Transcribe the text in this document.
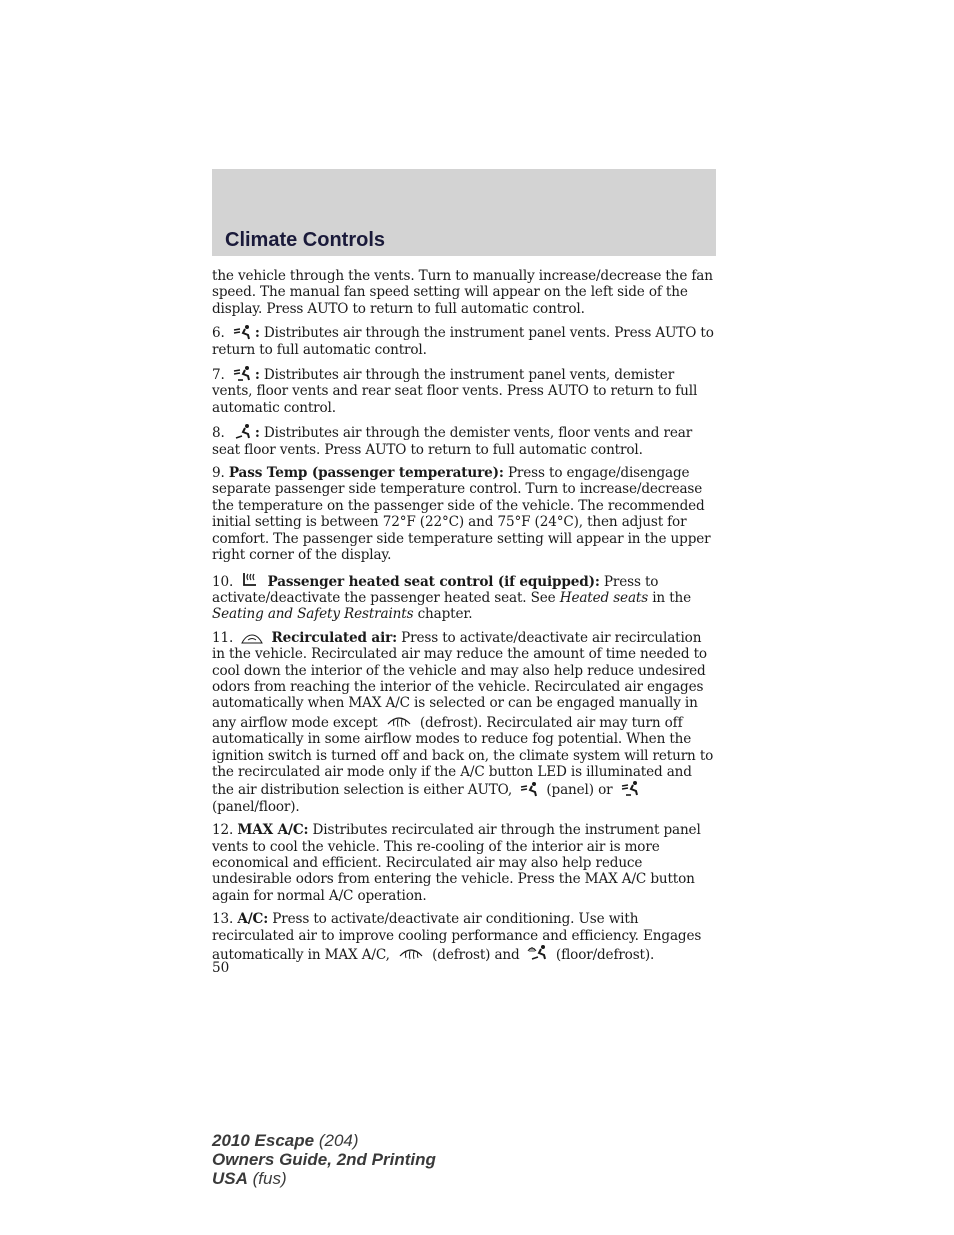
Climate Controls

the vehicle through the vents. Turn to manually increase/decrease the fan speed. The manual fan speed setting will appear on the left side of the display. Press AUTO to return to full automatic control.

6. : Distributes air through the instrument panel vents. Press AUTO to return to full automatic control.

7. : Distributes air through the instrument panel vents, demister vents, floor vents and rear seat floor vents. Press AUTO to return to full automatic control.

8. : Distributes air through the demister vents, floor vents and rear seat floor vents. Press AUTO to return to full automatic control.

9. Pass Temp (passenger temperature): Press to engage/disengage separate passenger side temperature control. Turn to increase/decrease the temperature on the passenger side of the vehicle. The recommended initial setting is between 72°F (22°C) and 75°F (24°C), then adjust for comfort. The passenger side temperature setting will appear in the upper right corner of the display.

10.	Passenger heated seat control (if equipped): Press to activate/deactivate the passenger heated seat. See Heated seats in the Seating and Safety Restraints chapter.

11.	Recirculated air: Press to activate/deactivate air recirculation in the vehicle. Recirculated air may reduce the amount of time needed to cool down the interior of the vehicle and may also help reduce undesired odors from reaching the interior of the vehicle. Recirculated air engages automatically when MAX A/C is selected or can be engaged manually in any airflow mode except	(defrost). Recirculated air may turn off automatically in some airflow modes to reduce fog potential. When the ignition switch is turned off and back on, the climate system will return to the recirculated air mode only if the A/C button LED is illuminated and the air distribution selection is either AUTO,	(panel) or  (panel/floor).

12. MAX A/C: Distributes recirculated air through the instrument panel vents to cool the vehicle. This re-cooling of the interior air is more economical and efficient. Recirculated air may also help reduce undesirable odors from entering the vehicle. Press the MAX A/C button again for normal A/C operation.

13. A/C: Press to activate/deactivate air conditioning. Use with recirculated air to improve cooling performance and efficiency. Engages automatically in MAX A/C,	(defrost) and	(floor/defrost).

50
2010 Escape (204)
Owners Guide, 2nd Printing
USA (fus)
